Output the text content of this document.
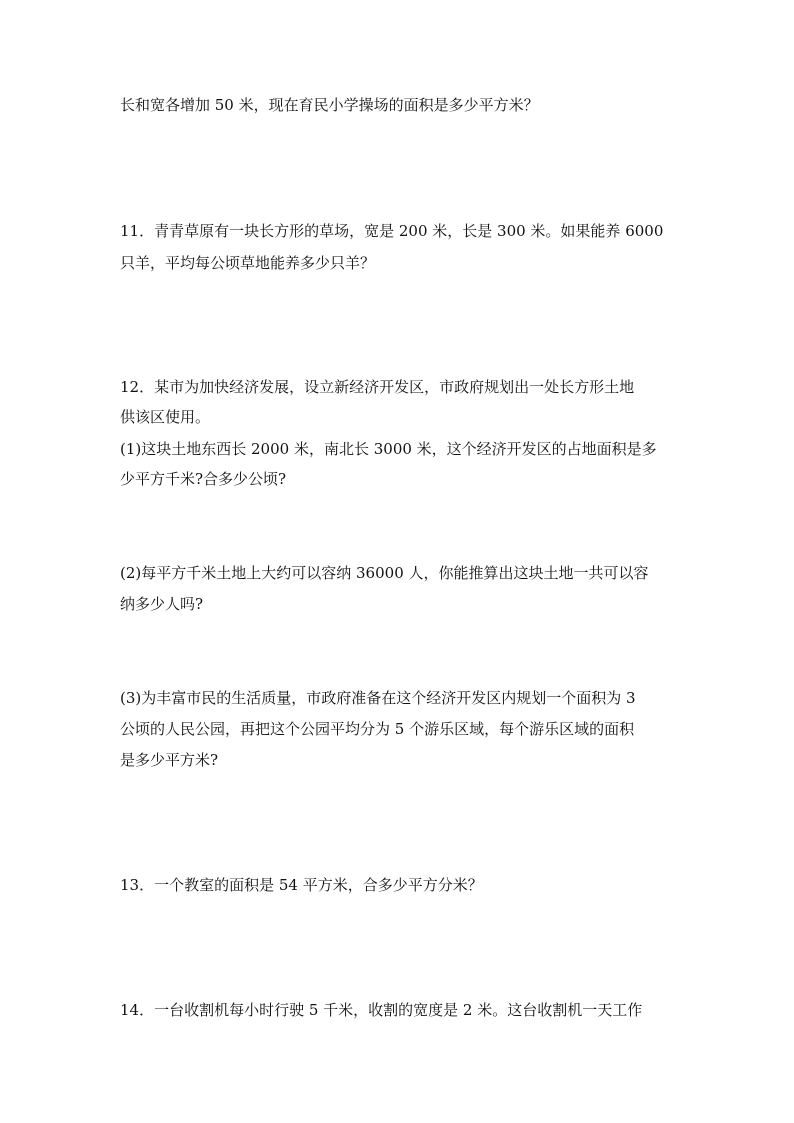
长和宽各增加 50 米，现在育民小学操场的面积是多少平方米？
11．青青草原有一块长方形的草场，宽是 200 米，长是 300 米。如果能养 6000
只羊，平均每公顷草地能养多少只羊？
12．某市为加快经济发展，设立新经济开发区，市政府规划出一处长方形土地
供该区使用。
(1)这块土地东西长 2000 米，南北长 3000 米，这个经济开发区的占地面积是多
少平方千米?合多少公顷?
(2)每平方千米土地上大约可以容纳 36000 人，你能推算出这块土地一共可以容
纳多少人吗?
(3)为丰富市民的生活质量，市政府准备在这个经济开发区内规划一个面积为 3
公顷的人民公园，再把这个公园平均分为 5 个游乐区域，每个游乐区域的面积
是多少平方米?
13．一个教室的面积是 54 平方米，合多少平方分米？
14．一台收割机每小时行驶 5 千米，收割的宽度是 2 米。这台收割机一天工作
